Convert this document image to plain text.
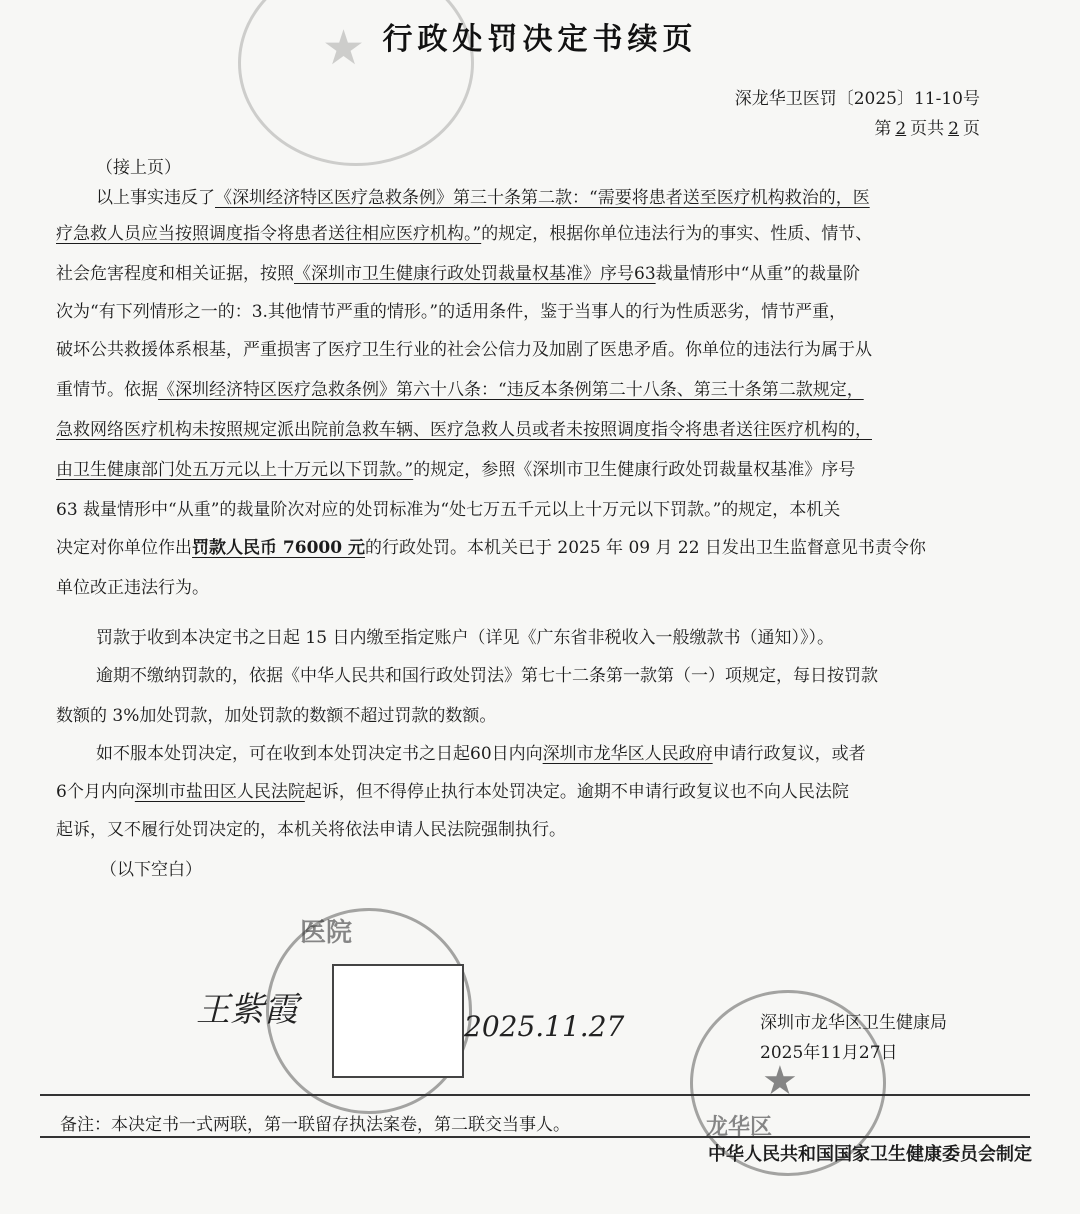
★ 行政处罚决定书续页
深龙华卫医罚〔2025〕11-10号
第 2 页共 2 页
（接上页）
以上事实违反了《深圳经济特区医疗急救条例》第三十条第二款：“需要将患者送至医疗机构救治的，医
疗急救人员应当按照调度指令将患者送往相应医疗机构。”的规定，根据你单位违法行为的事实、性质、情节、
社会危害程度和相关证据，按照《深圳市卫生健康行政处罚裁量权基准》序号63裁量情形中“从重”的裁量阶
次为“有下列情形之一的：3.其他情节严重的情形。”的适用条件，鉴于当事人的行为性质恶劣，情节严重，
破坏公共救援体系根基，严重损害了医疗卫生行业的社会公信力及加剧了医患矛盾。你单位的违法行为属于从
重情节。依据《深圳经济特区医疗急救条例》第六十八条：“违反本条例第二十八条、第三十条第二款规定，
急救网络医疗机构未按照规定派出院前急救车辆、医疗急救人员或者未按照调度指令将患者送往医疗机构的，
由卫生健康部门处五万元以上十万元以下罚款。”的规定，参照《深圳市卫生健康行政处罚裁量权基准》序号
63 裁量情形中“从重”的裁量阶次对应的处罚标准为“处七万五千元以上十万元以下罚款。”的规定，本机关
决定对你单位作出罚款人民币 76000 元的行政处罚。本机关已于 2025 年 09 月 22 日发出卫生监督意见书责令你
单位改正违法行为。
罚款于收到本决定书之日起 15 日内缴至指定账户（详见《广东省非税收入一般缴款书（通知）》）。
逾期不缴纳罚款的，依据《中华人民共和国行政处罚法》第七十二条第一款第（一）项规定，每日按罚款
数额的 3%加处罚款，加处罚款的数额不超过罚款的数额。
如不服本处罚决定，可在收到本处罚决定书之日起60日内向深圳市龙华区人民政府申请行政复议，或者
6个月内向深圳市盐田区人民法院起诉，但不得停止执行本处罚决定。逾期不申请行政复议也不向人民法院
起诉，又不履行处罚决定的，本机关将依法申请人民法院强制执行。
（以下空白）
医院
王紫霞	2025.11.27
★
龙华区
深圳市龙华区卫生健康局
2025年11月27日
备注：本决定书一式两联，第一联留存执法案卷，第二联交当事人。
中华人民共和国国家卫生健康委员会制定
